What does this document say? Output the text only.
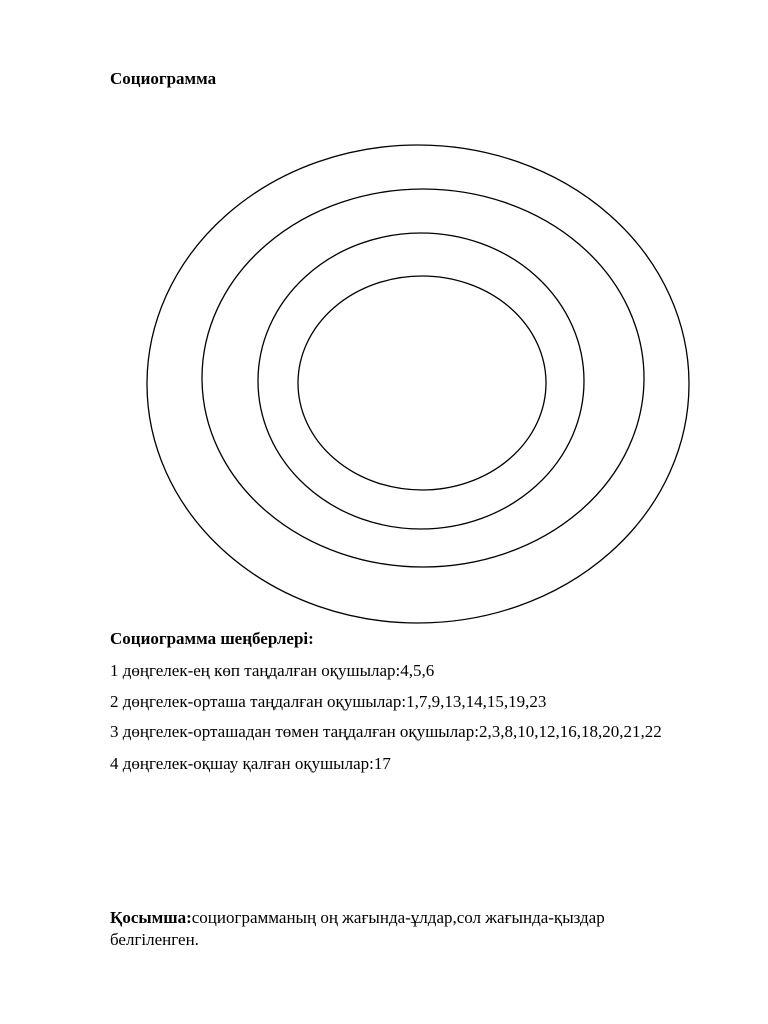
Социограмма

Социограмма шеңберлері:

1 дөңгелек-ең көп таңдалған оқушылар:4,5,6

2 дөңгелек-орташа таңдалған оқушылар:1,7,9,13,14,15,19,23

3 дөңгелек-орташадан төмен таңдалған оқушылар:2,3,8,10,12,16,18,20,21,22

4 дөңгелек-оқшау қалған оқушылар:17

Қосымша:социограмманың оң жағында-ұлдар,сол жағында-қыздар белгіленген.
